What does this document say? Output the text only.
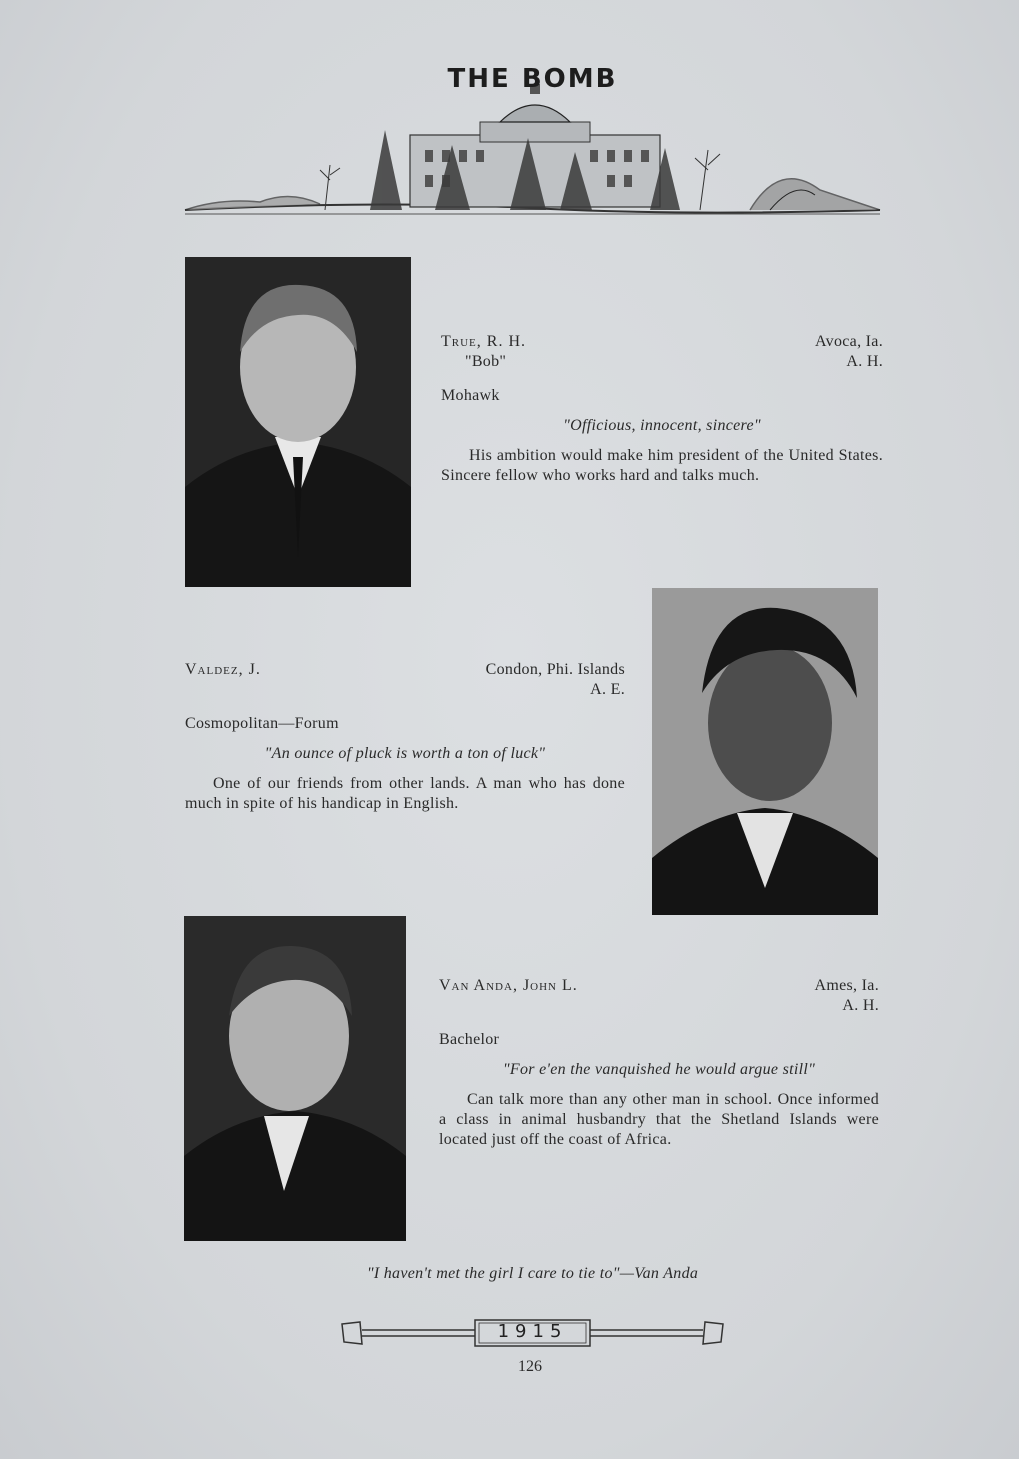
THE BOMB
True, R. H.	Avoca, Ia.
"Bob"	A. H.
Mohawk
"Officious, innocent, sincere"
His ambition would make him president of the United States. Sincere fellow who works hard and talks much.
Valdez, J.	Condon, Phi. Islands
A. E.
Cosmopolitan—Forum
"An ounce of pluck is worth a ton of luck"
One of our friends from other lands. A man who has done much in spite of his handicap in English.
Van Anda, John L.	Ames, Ia.
A. H.
Bachelor
"For e'en the vanquished he would argue still"
Can talk more than any other man in school. Once informed a class in animal husbandry that the Shetland Islands were located just off the coast of Africa.
"I haven't met the girl I care to tie to"—Van Anda
1915
126
